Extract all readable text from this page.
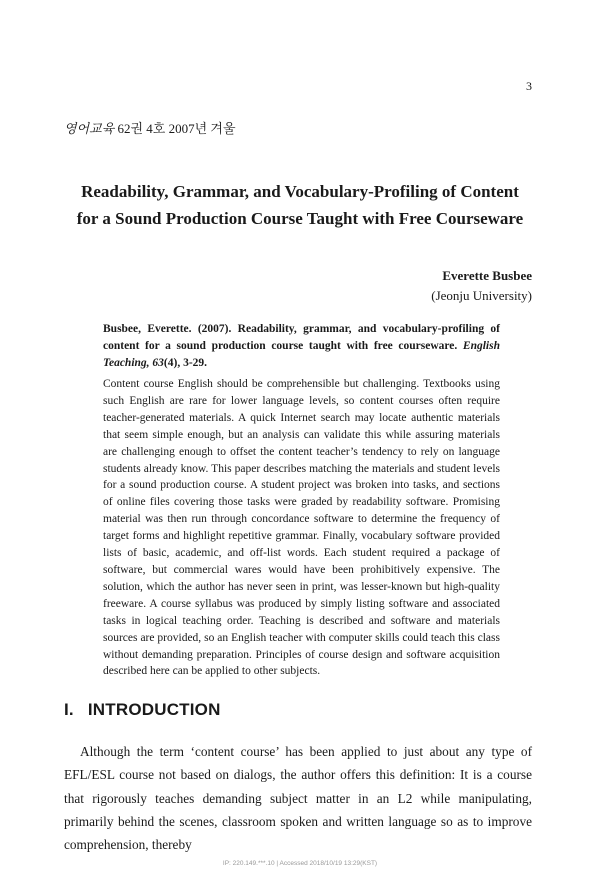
3
영어교육 62권 4호 2007년 겨울
Readability, Grammar, and Vocabulary-Profiling of Content
for a Sound Production Course Taught with Free Courseware
Everette Busbee
(Jeonju University)

Busbee, Everette. (2007). Readability, grammar, and vocabulary-profiling of content for a sound production course taught with free courseware. English Teaching, 63(4), 3-29.

Content course English should be comprehensible but challenging. Textbooks using such English are rare for lower language levels, so content courses often require teacher-generated materials. A quick Internet search may locate authentic materials that seem simple enough, but an analysis can validate this while assuring materials are challenging enough to offset the content teacher’s tendency to rely on language students already know. This paper describes matching the materials and student levels for a sound production course. A student project was broken into tasks, and sections of online files covering those tasks were graded by readability software. Promising material was then run through concordance software to determine the frequency of target forms and highlight repetitive grammar. Finally, vocabulary software provided lists of basic, academic, and off-list words. Each student required a package of software, but commercial wares would have been prohibitively expensive. The solution, which the author has never seen in print, was lesser-known but high-quality freeware. A course syllabus was produced by simply listing software and associated tasks in logical teaching order. Teaching is described and software and materials sources are provided, so an English teacher with computer skills could teach this class without demanding preparation. Principles of course design and software acquisition described here can be applied to other subjects.

I. INTRODUCTION

Although the term ‘content course’ has been applied to just about any type of EFL/ESL course not based on dialogs, the author offers this definition: It is a course that rigorously teaches demanding subject matter in an L2 while manipulating, primarily behind the scenes, classroom spoken and written language so as to improve comprehension, thereby

IP: 220.149.***.10 | Accessed 2018/10/19 13:29(KST)
